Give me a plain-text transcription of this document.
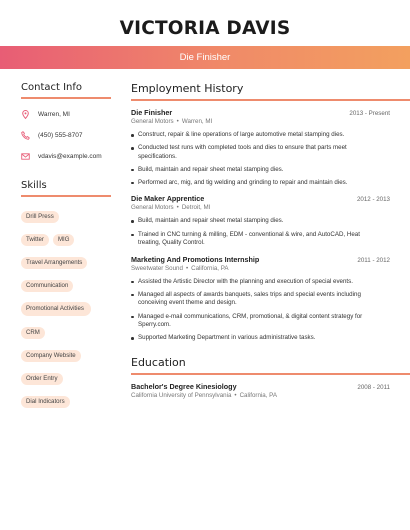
VICTORIA DAVIS
Die Finisher
Contact Info
Warren, MI
(450) 555-8707
vdavis@example.com
Skills
Drill Press
Twitter MIG
Travel Arrangements
Communication
Promotional Activities
CRM
Company Website
Order Entry
Dial Indicators
Employment History
Die Finisher	2013 - Present
General Motors • Warren, MI
Construct, repair & line operations of large automotive metal stamping dies.
Conducted test runs with completed tools and dies to ensure that parts meet specifications.
Build, maintain and repair sheet metal stamping dies.
Performed arc, mig, and tig welding and grinding to repair and maintain dies.
Die Maker Apprentice	2012 - 2013
General Motors • Detroit, MI
Build, maintain and repair sheet metal stamping dies.
Trained in CNC turning & milling, EDM - conventional & wire, and AutoCAD, Heat treating, Quality Control.
Marketing And Promotions Internship	2011 - 2012
Sweetwater Sound • California, PA
Assisted the Artistic Director with the planning and execution of special events.
Managed all aspects of awards banquets, sales trips and special events including conceiving event theme and design.
Managed e-mail communications, CRM, promotional, & digital content strategy for Sperry.com.
Supported Marketing Department in various administrative tasks.
Education
Bachelor's Degree Kinesiology	2008 - 2011
California University of Pennsylvania • California, PA
